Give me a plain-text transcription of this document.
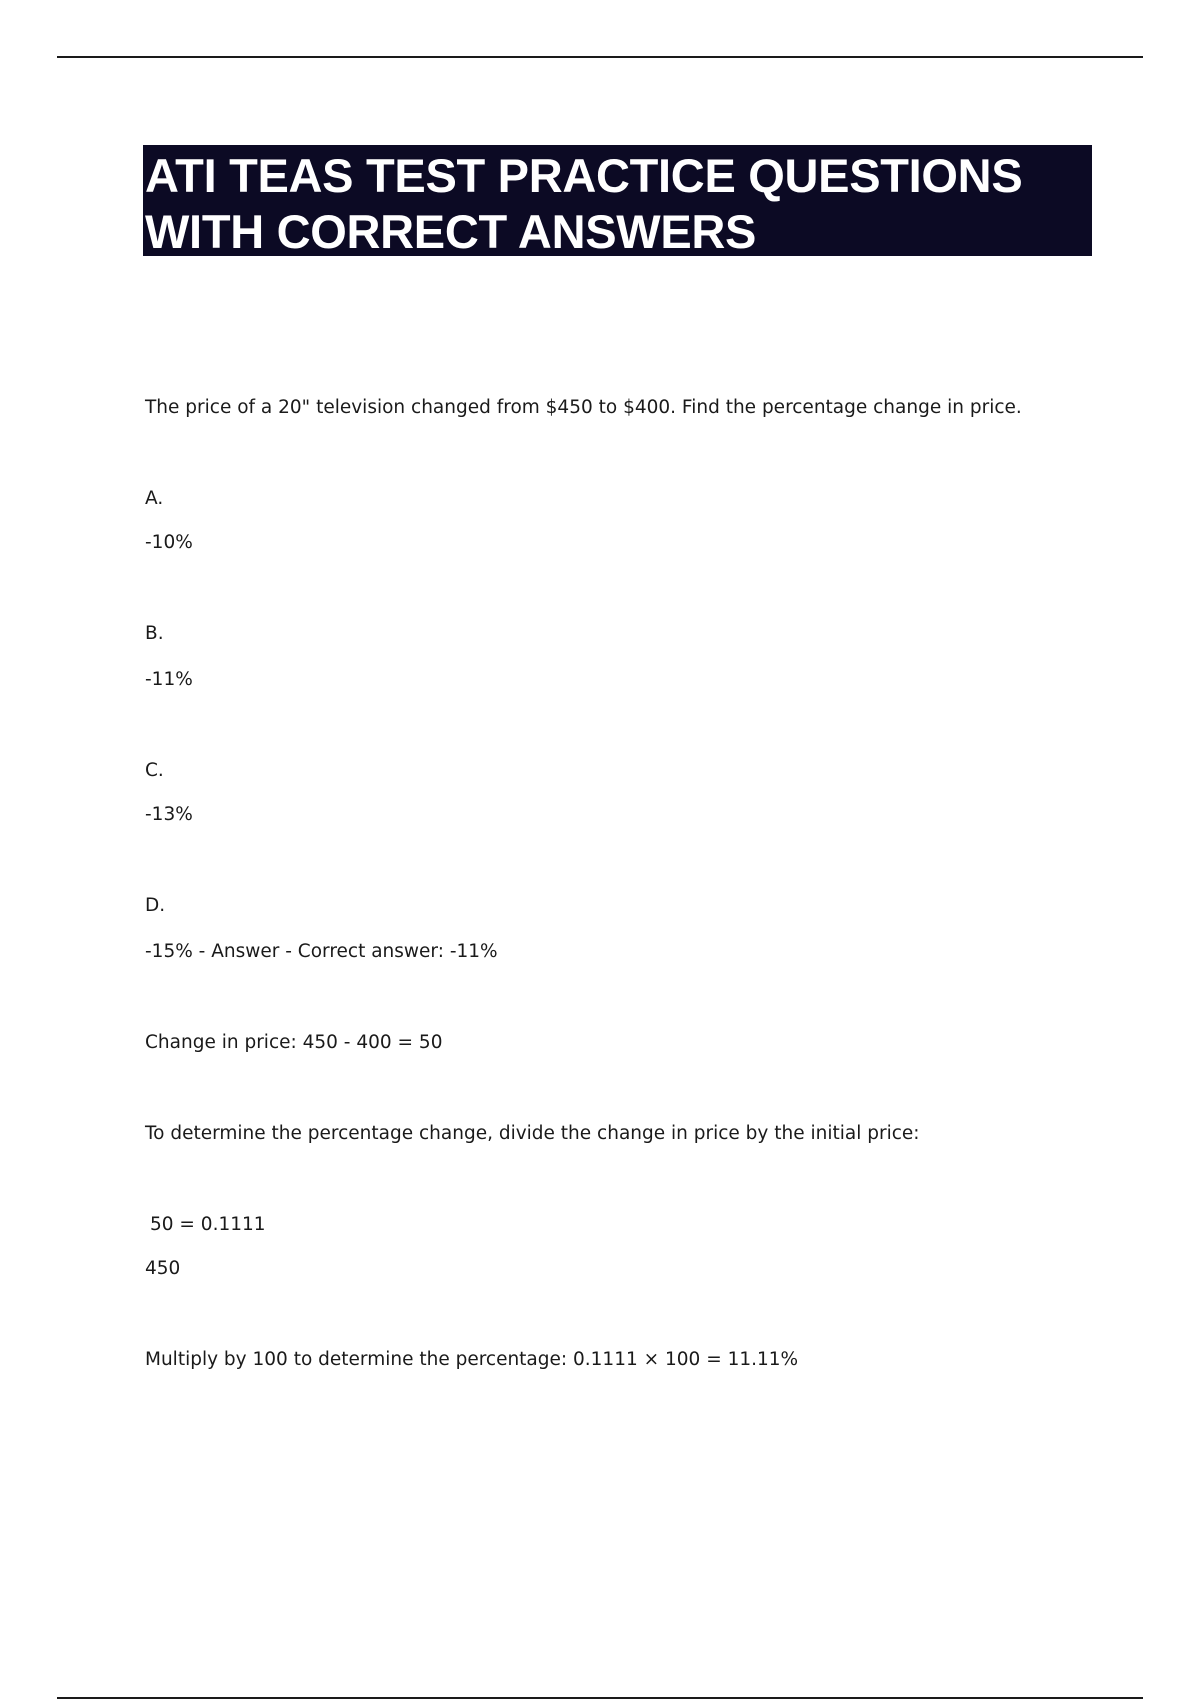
ATI TEAS TEST PRACTICE QUESTIONS
WITH CORRECT ANSWERS

The price of a 20" television changed from $450 to $400. Find the percentage change in price.

A.

-10%

B.

-11%

C.

-13%

D.

-15% - Answer - Correct answer: -11%

Change in price: 450 - 400 = 50

To determine the percentage change, divide the change in price by the initial price:

50 = 0.1111

450

Multiply by 100 to determine the percentage: 0.1111 × 100 = 11.11%
